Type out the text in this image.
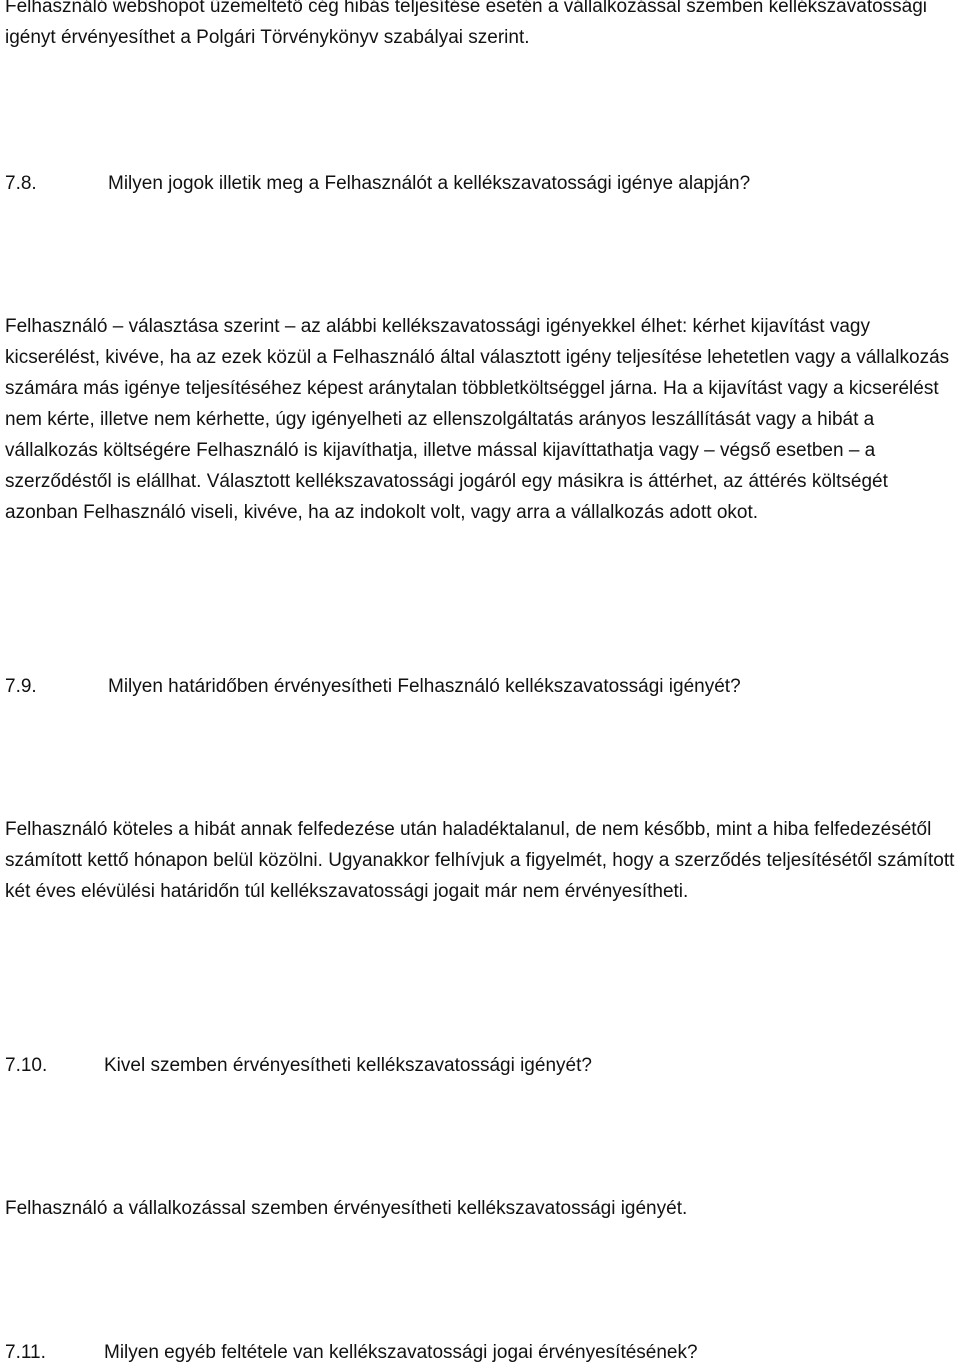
Felhasználó webshopot üzemeltető cég hibás teljesítése esetén a vállalkozással szemben kellékszavatossági igényt érvényesíthet a Polgári Törvénykönyv szabályai szerint.

7.8.	Milyen jogok illetik meg a Felhasználót a kellékszavatossági igénye alapján?

Felhasználó – választása szerint – az alábbi kellékszavatossági igényekkel élhet: kérhet kijavítást vagy kicserélést, kivéve, ha az ezek közül a Felhasználó által választott igény teljesítése lehetetlen vagy a vállalkozás számára más igénye teljesítéséhez képest aránytalan többletköltséggel járna. Ha a kijavítást vagy a kicserélést nem kérte, illetve nem kérhette, úgy igényelheti az ellenszolgáltatás arányos leszállítását vagy a hibát a vállalkozás költségére Felhasználó is kijavíthatja, illetve mással kijavíttathatja vagy – végső esetben – a szerződéstől is elállhat. Választott kellékszavatossági jogáról egy másikra is áttérhet, az áttérés költségét azonban Felhasználó viseli, kivéve, ha az indokolt volt, vagy arra a vállalkozás adott okot.

7.9.	Milyen határidőben érvényesítheti Felhasználó kellékszavatossági igényét?

Felhasználó köteles a hibát annak felfedezése után haladéktalanul, de nem később, mint a hiba felfedezésétől számított kettő hónapon belül közölni. Ugyanakkor felhívjuk a figyelmét, hogy a szerződés teljesítésétől számított két éves elévülési határidőn túl kellékszavatossági jogait már nem érvényesítheti.

7.10.	Kivel szemben érvényesítheti kellékszavatossági igényét?

Felhasználó a vállalkozással szemben érvényesítheti kellékszavatossági igényét.

7.11.	Milyen egyéb feltétele van kellékszavatossági jogai érvényesítésének?
